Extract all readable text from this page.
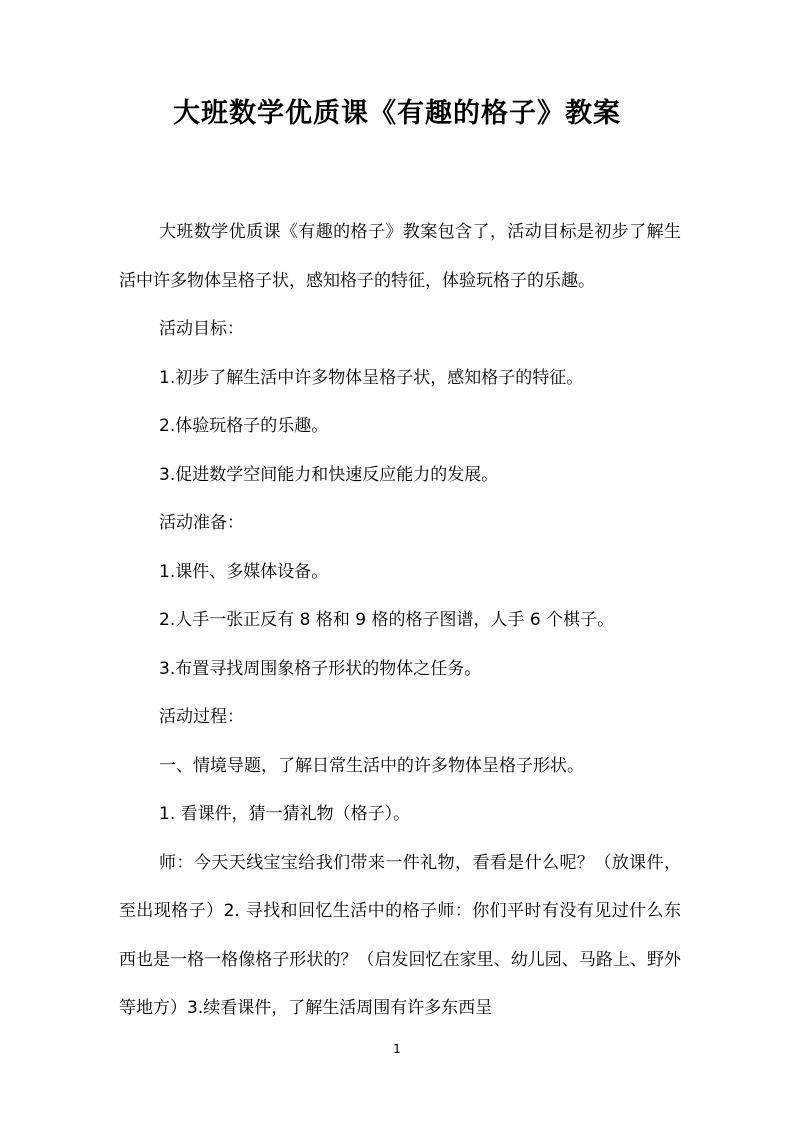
大班数学优质课《有趣的格子》教案

大班数学优质课《有趣的格子》教案包含了，活动目标是初步了解生活中许多物体呈格子状，感知格子的特征，体验玩格子的乐趣。

活动目标：

1.初步了解生活中许多物体呈格子状，感知格子的特征。

2.体验玩格子的乐趣。

3.促进数学空间能力和快速反应能力的发展。

活动准备：

1.课件、多媒体设备。

2.人手一张正反有 8 格和 9 格的格子图谱，人手 6 个棋子。

3.布置寻找周围象格子形状的物体之任务。

活动过程：

一、情境导题，了解日常生活中的许多物体呈格子形状。

1. 看课件，猜一猜礼物（格子）。

师：今天天线宝宝给我们带来一件礼物，看看是什么呢？（放课件，至出现格子）2. 寻找和回忆生活中的格子师：你们平时有没有见过什么东西也是一格一格像格子形状的？（启发回忆在家里、幼儿园、马路上、野外等地方）3.续看课件，了解生活周围有许多东西呈

1
